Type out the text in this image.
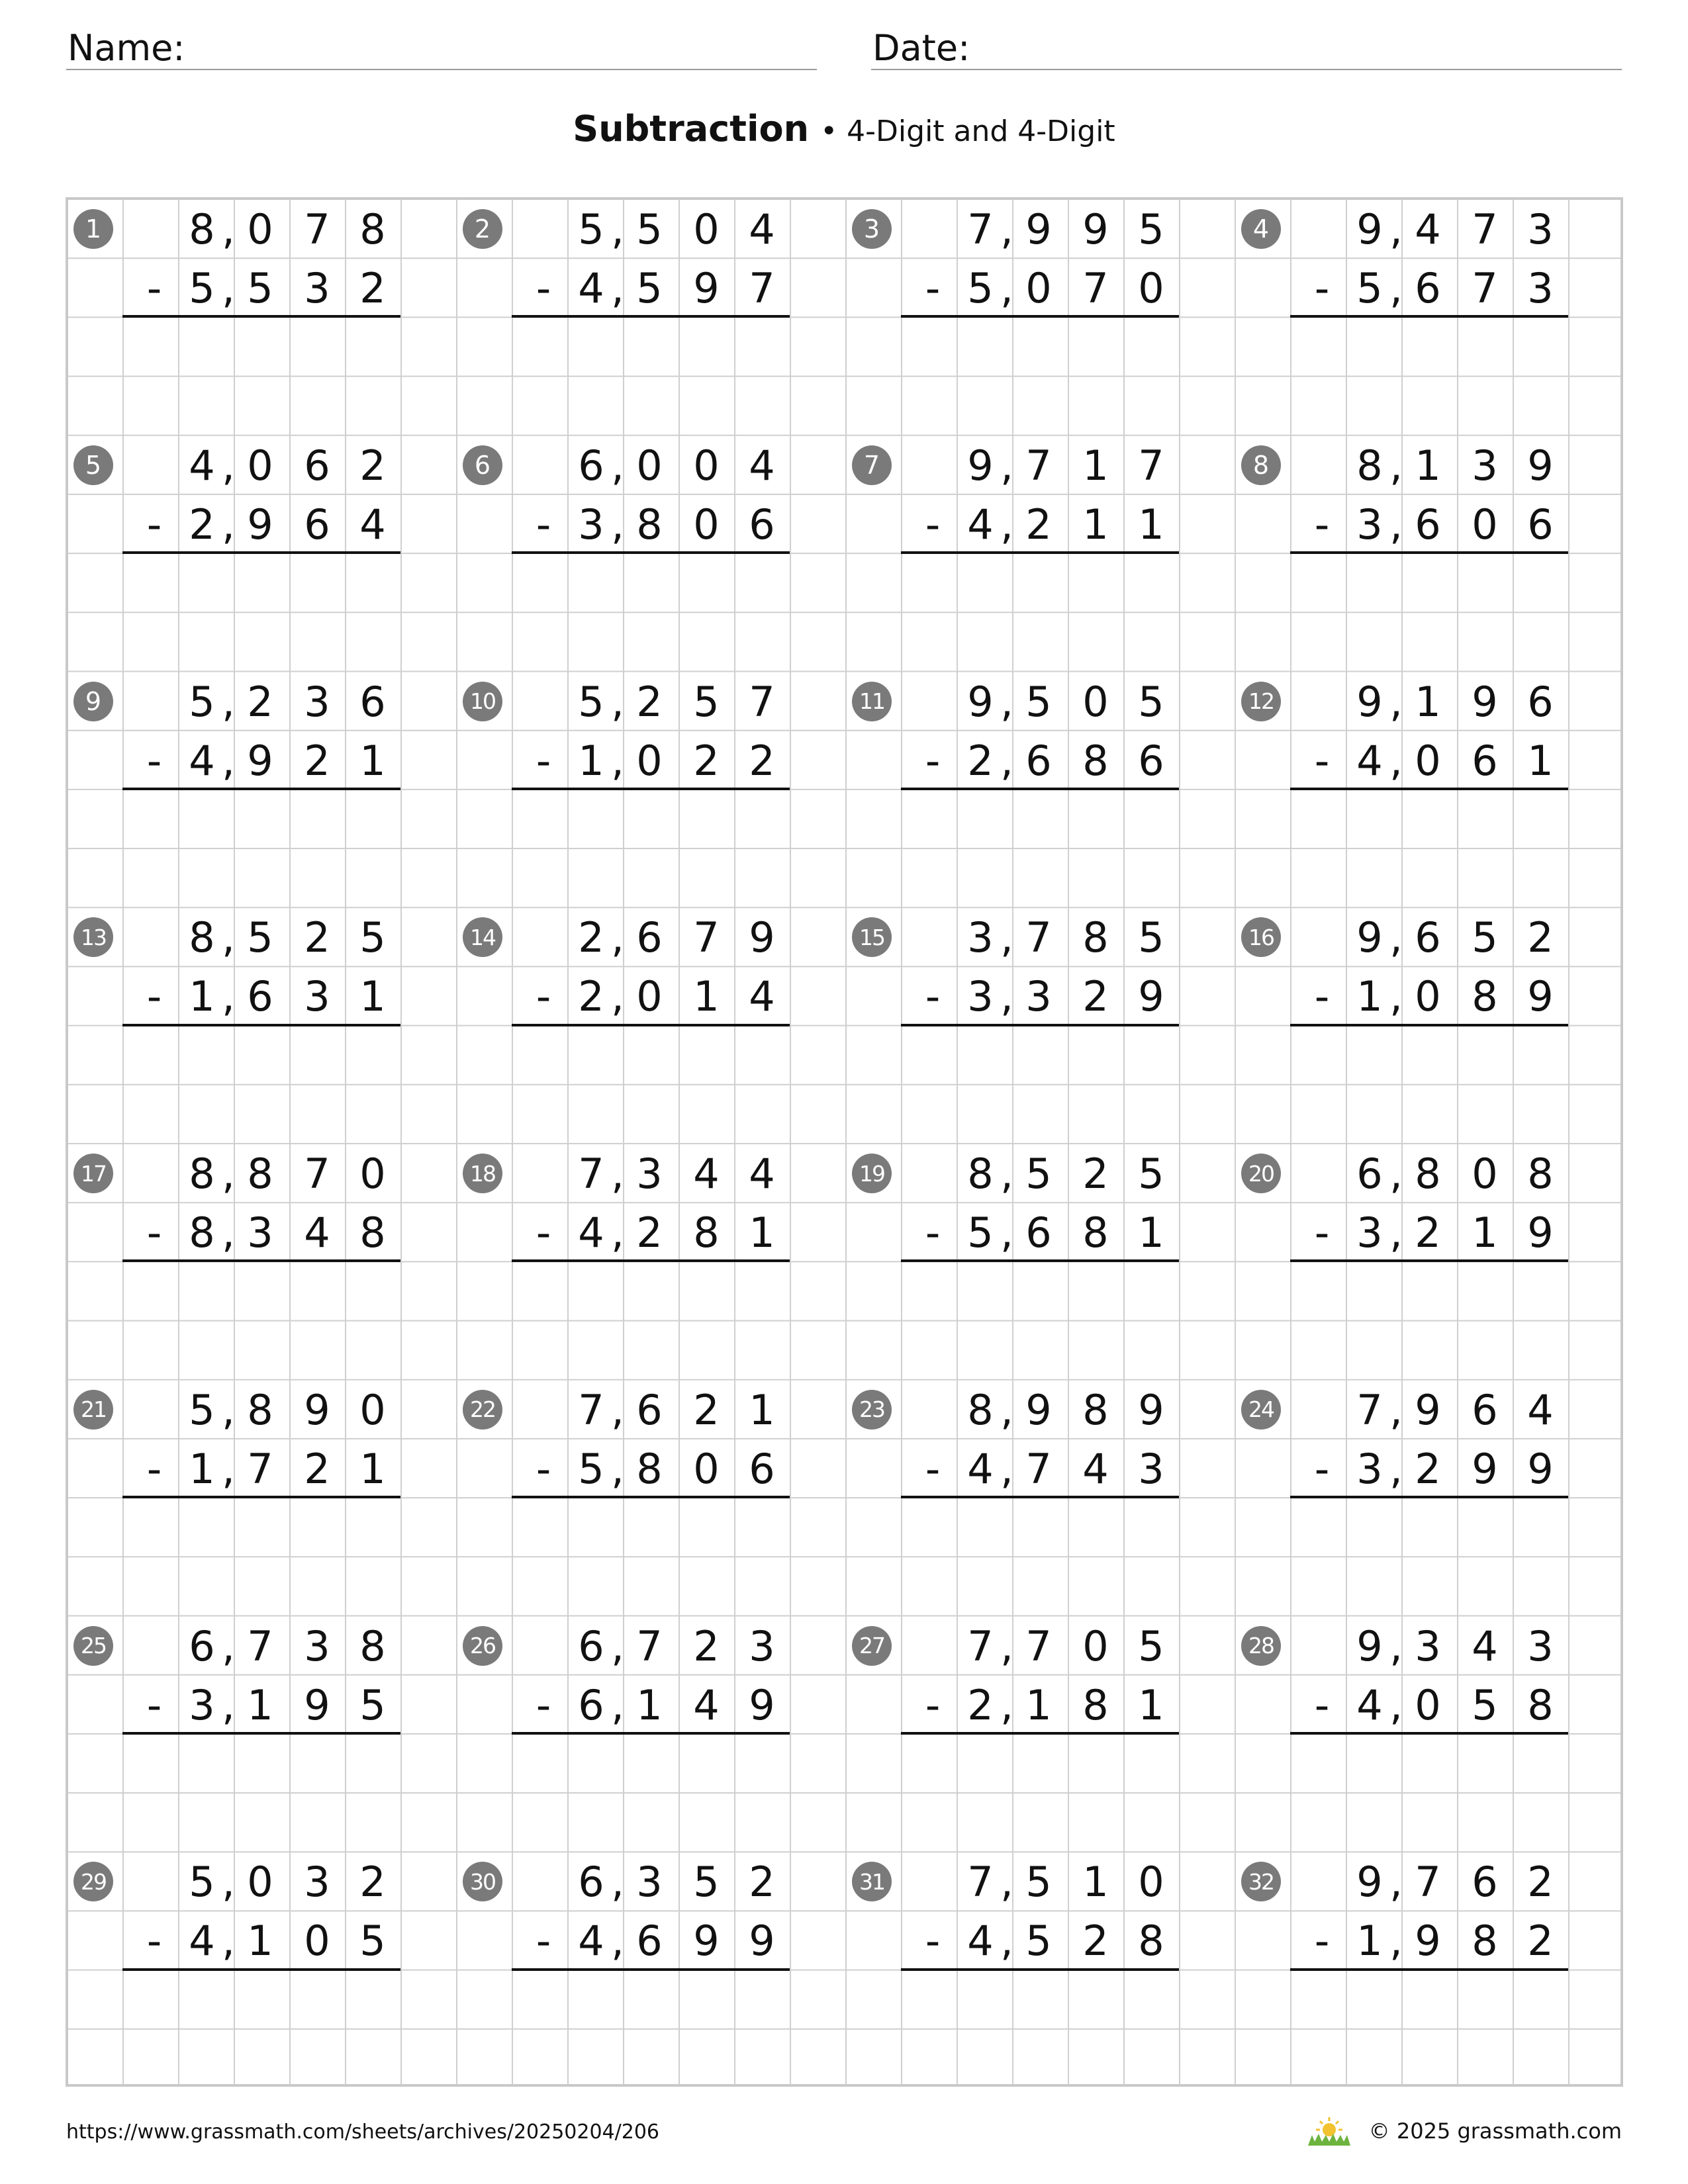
Name:	Date:
Subtraction • 4-Digit and 4-Digit
1	8 , 0 7 8
- 5 , 5 3 2
2	5 , 5 0 4
- 4 , 5 9 7
3	7 , 9 9 5
- 5 , 0 7 0
4	9 , 4 7 3
- 5 , 6 7 3
5	4 , 0 6 2
- 2 , 9 6 4
6	6 , 0 0 4
- 3 , 8 0 6
7	9 , 7 1 7
- 4 , 2 1 1
8	8 , 1 3 9
- 3 , 6 0 6
9	5 , 2 3 6
- 4 , 9 2 1
10	5 , 2 5 7
- 1 , 0 2 2
11	9 , 5 0 5
- 2 , 6 8 6
12	9 , 1 9 6
- 4 , 0 6 1
13	8 , 5 2 5
- 1 , 6 3 1
14	2 , 6 7 9
- 2 , 0 1 4
15	3 , 7 8 5
- 3 , 3 2 9
16	9 , 6 5 2
- 1 , 0 8 9
17	8 , 8 7 0
- 8 , 3 4 8
18	7 , 3 4 4
- 4 , 2 8 1
19	8 , 5 2 5
- 5 , 6 8 1
20	6 , 8 0 8
- 3 , 2 1 9
21	5 , 8 9 0
- 1 , 7 2 1
22	7 , 6 2 1
- 5 , 8 0 6
23	8 , 9 8 9
- 4 , 7 4 3
24	7 , 9 6 4
- 3 , 2 9 9
25	6 , 7 3 8
- 3 , 1 9 5
26	6 , 7 2 3
- 6 , 1 4 9
27	7 , 7 0 5
- 2 , 1 8 1
28	9 , 3 4 3
- 4 , 0 5 8
29	5 , 0 3 2
- 4 , 1 0 5
30	6 , 3 5 2
- 4 , 6 9 9
31	7 , 5 1 0
- 4 , 5 2 8
32	9 , 7 6 2
- 1 , 9 8 2
https://www.grassmath.com/sheets/archives/20250204/206	© 2025 grassmath.com
